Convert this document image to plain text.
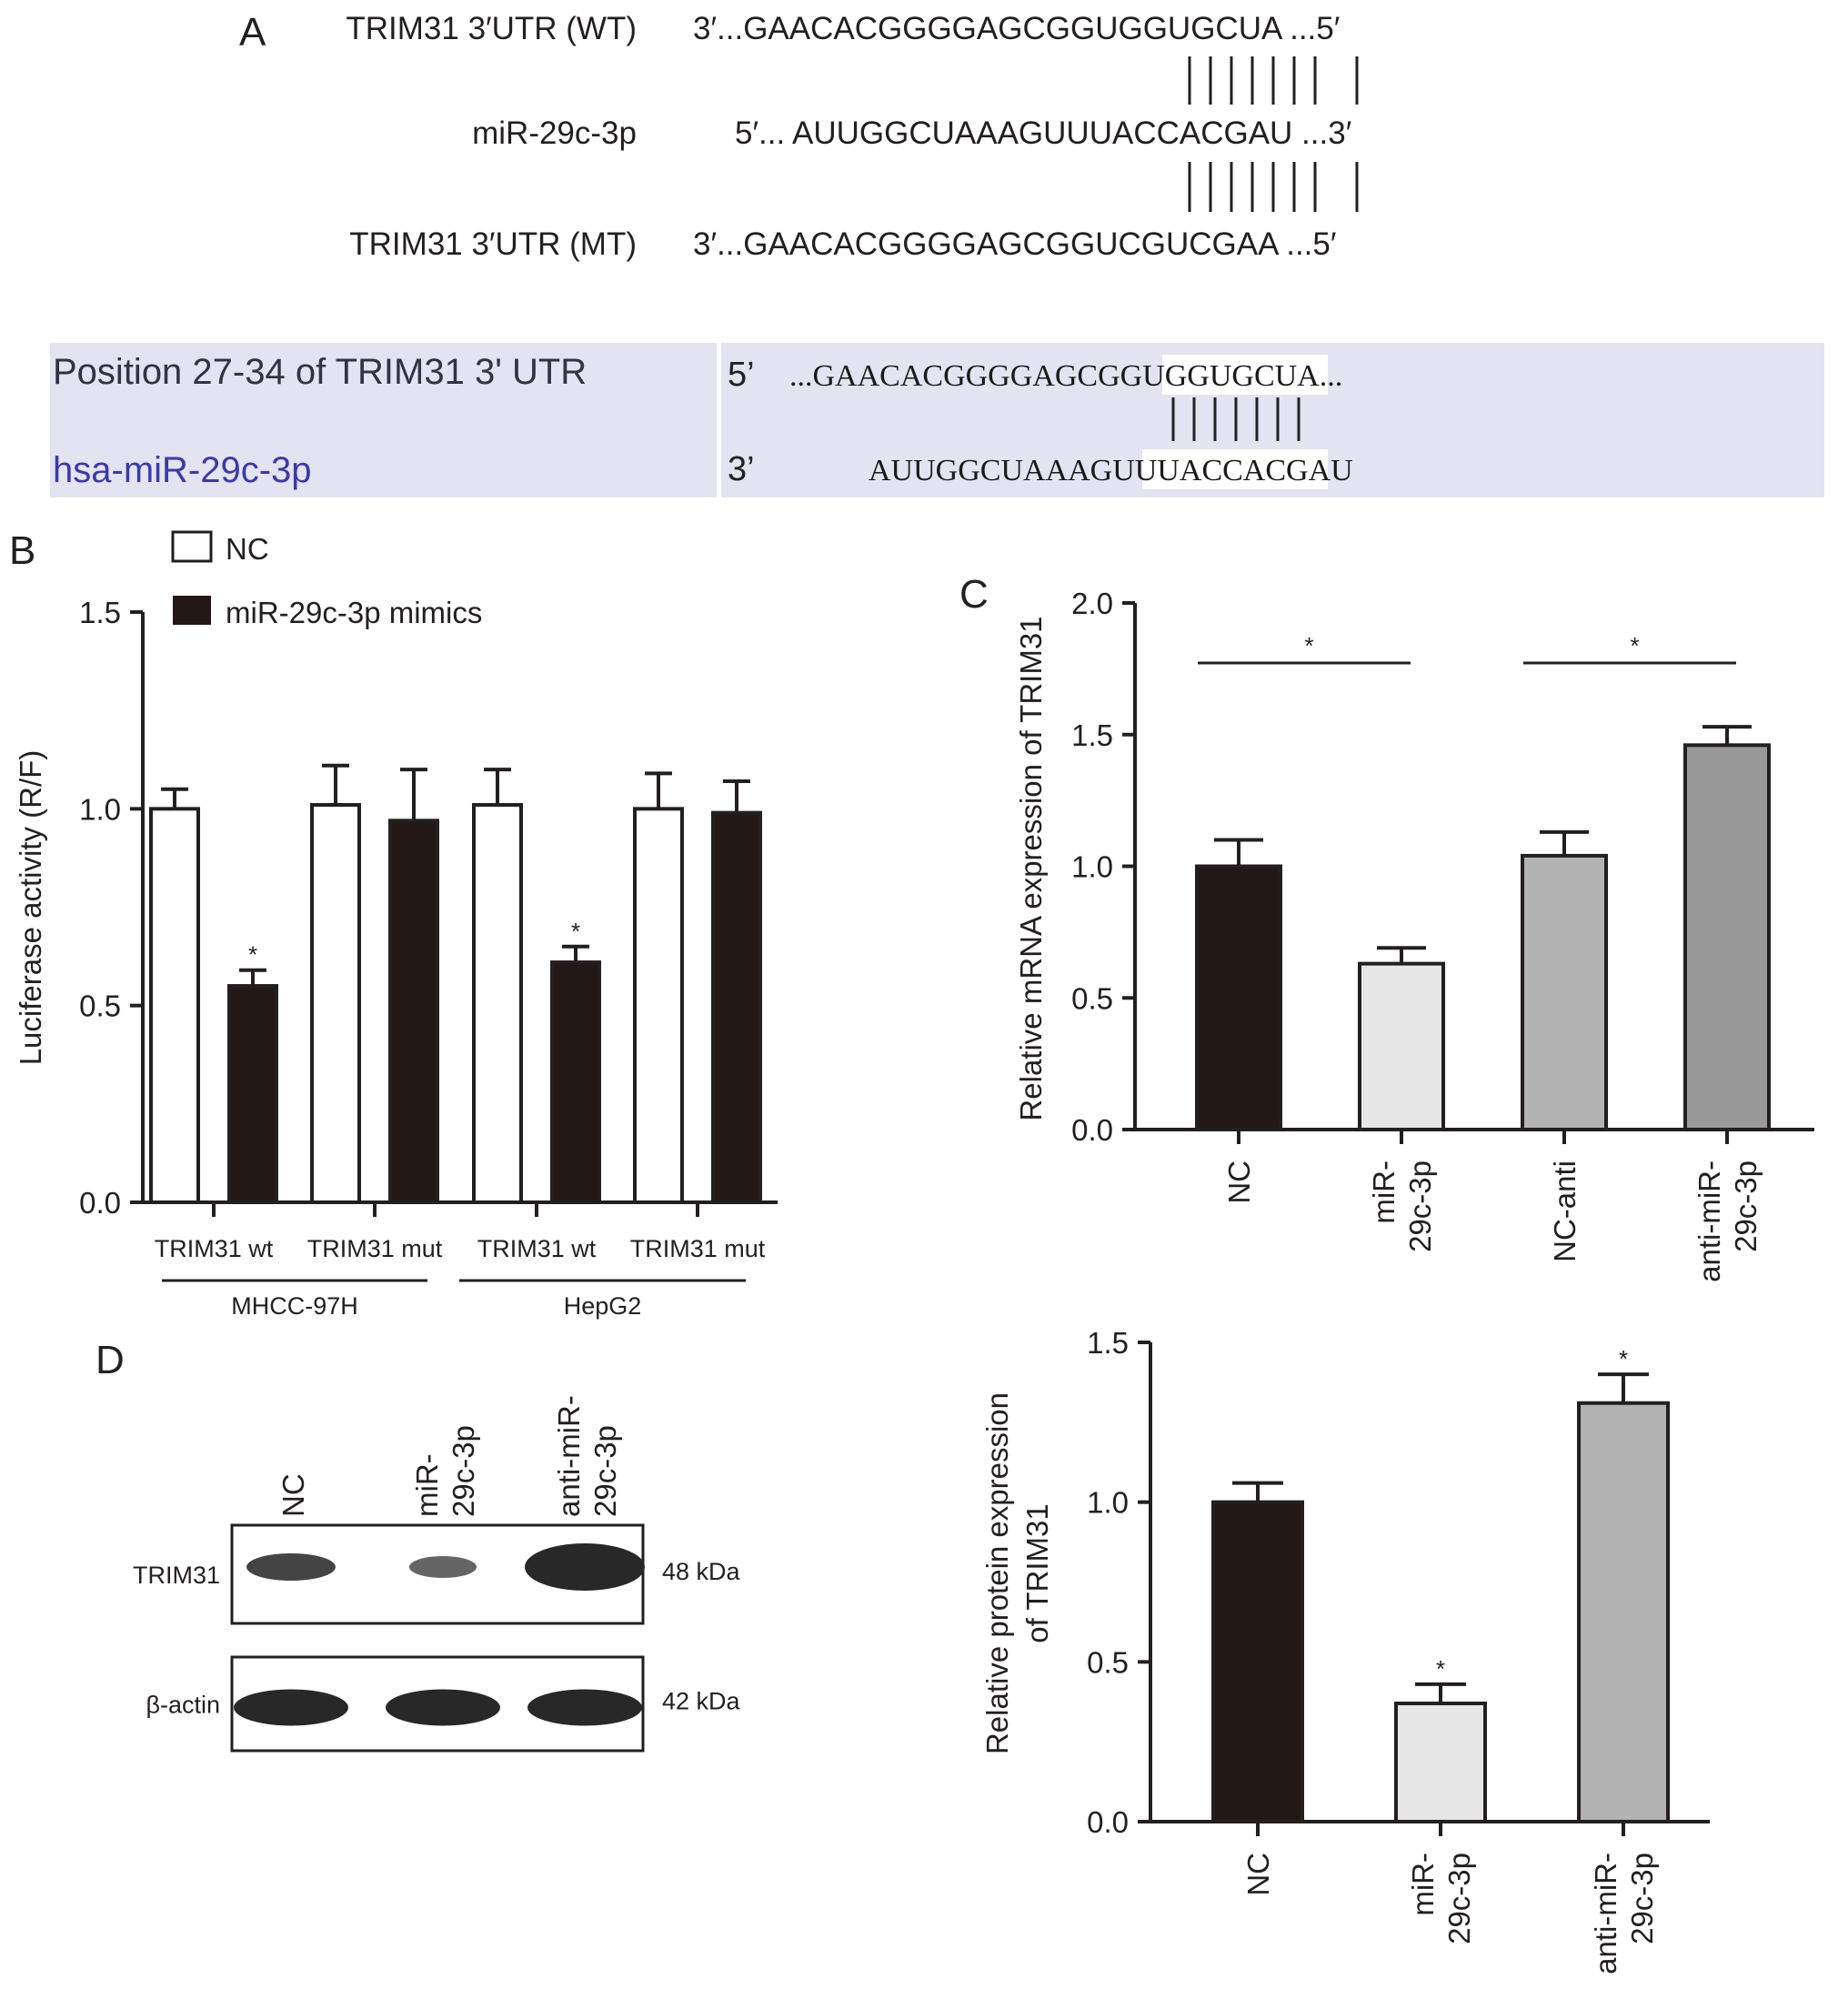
A	TRIM31 3′UTR (WT) 3′...GAACACGGGGAGCGGUGGUGCUA ...5′
miR-29c-3p	5′... AUUGGCUAAAGUUUACCACGAU ...3′
TRIM31 3′UTR (MT) 3′...GAACACGGGGAGCGGUCGUCGAA ...5′
Position 27-34 of TRIM31 3' UTR
hsa-miR-29c-3p
5’
3’
...GAACACGGGGAGCGGUGGUGCUA...
AUUGGCUAAAGUUUACCACGAU
B	NC
miR-29c-3p mimics
0.0
0.5
1.0
1.5
Luciferase activity (R/F)	*
*
TRIM31 wt TRIM31 mut TRIM31 wt TRIM31 mut
MHCC-97H	HepG2
C
0.0
0.5
1.0
1.5
2.0
Relative mRNA expression of TRIM31
NC	miR-29c-3p	NC-anti	anti-miR-29c-3p
*	*
D
NC	miR-29c-3p anti-miR-29c-3p
TRIM31	48 kDa
β-actin	42 kDa
0.0
0.5
1.0
1.5
Relative protein expression of TRIM31
NC
*
miR-29c-3p
*
anti-miR-29c-3p
